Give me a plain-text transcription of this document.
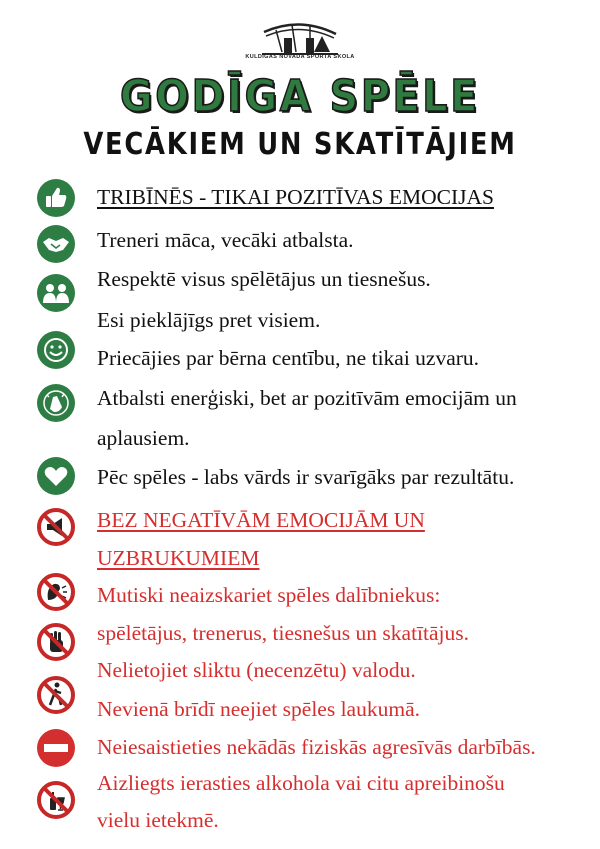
KULDĪGAS NOVADA SPORTA SKOLA
GODĪGA SPĒLE
VECĀKIEM UN SKATĪTĀJIEM
TRIBĪNĒS - TIKAI POZITĪVAS EMOCIJAS
Treneri māca, vecāki atbalsta.
Respektē visus spēlētājus un tiesnešus.
Esi pieklājīgs pret visiem.
Priecājies par bērna centību, ne tikai uzvaru.
Atbalsti enerģiski, bet ar pozitīvām emocijām un
aplausiem.
Pēc spēles - labs vārds ir svarīgāks par rezultātu.
BEZ NEGATĪVĀM EMOCIJĀM UN
UZBRUKUMIEM
Mutiski neaizskariet spēles dalībniekus:
spēlētājus, trenerus, tiesnešus un skatītājus.
Nelietojiet sliktu (necenzētu) valodu.
Nevienā brīdī neejiet spēles laukumā.
Neiesaistieties nekādās fiziskās agresīvās darbībās.
Aizliegts ierasties alkohola vai citu apreibinošu
vielu ietekmē.
